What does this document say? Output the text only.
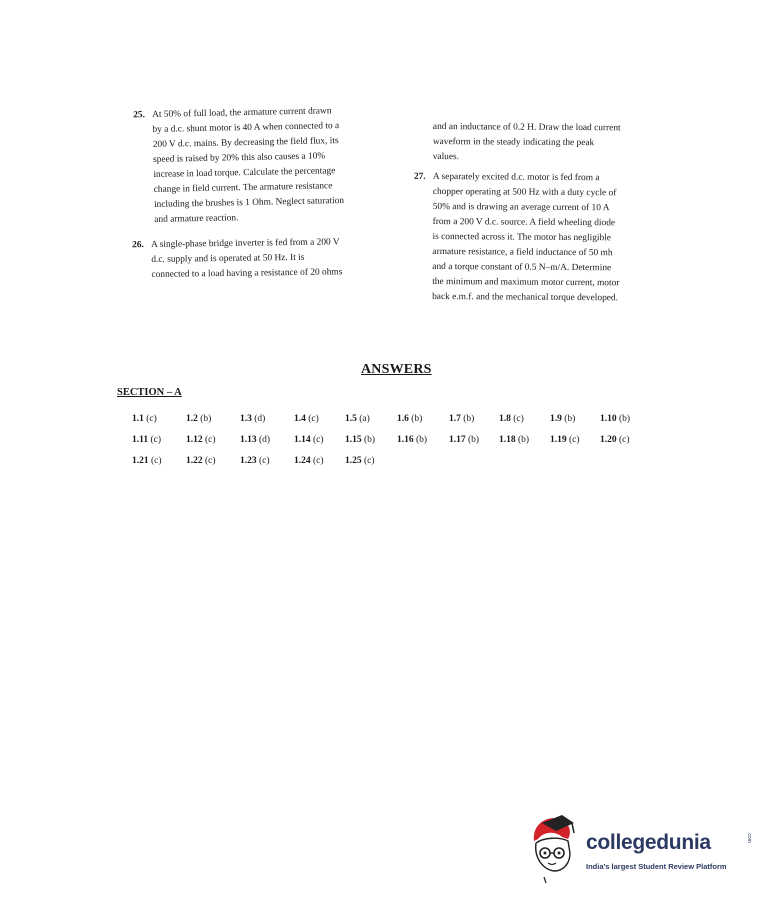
25. At 50% of full load, the armature current drawn
by a d.c. shunt motor is 40 A when connected to a
200 V d.c. mains. By decreasing the field flux, its
speed is raised by 20% this also causes a 10%
increase in load torque. Calculate the percentage
change in field current. The armature resistance
including the brushes is 1 Ohm. Neglect saturation
and armature reaction.
26. A single-phase bridge inverter is fed from a 200 V
d.c. supply and is operated at 50 Hz. It is
connected to a load having a resistance of 20 ohms
and an inductance of 0.2 H. Draw the load current
waveform in the steady indicating the peak
values.
27. A separately excited d.c. motor is fed from a
chopper operating at 500 Hz with a duty cycle of
50% and is drawing an average current of 10 A
from a 200 V d.c. source. A field wheeling diode
is connected across it. The motor has negligible
armature resistance, a field inductance of 50 mh
and a torque constant of 0.5 N–m/A. Determine
the minimum and maximum motor current, motor
back e.m.f. and the mechanical torque developed.
ANSWERS
SECTION – A
1.1 (c)	1.2 (b)	1.3 (d)	1.4 (c)	1.5 (a)	1.6 (b)	1.7 (b)	1.8 (c)	1.9 (b)	1.10 (b)
1.11 (c)	1.12 (c)	1.13 (d)	1.14 (c) 1.15 (b) 1.16 (b) 1.17 (b) 1.18 (b) 1.19 (c) 1.20 (c)
1.21 (c)	1.22 (c)	1.23 (c)	1.24 (c) 1.25 (c)
collegedunia	.com
India's largest Student Review Platform
